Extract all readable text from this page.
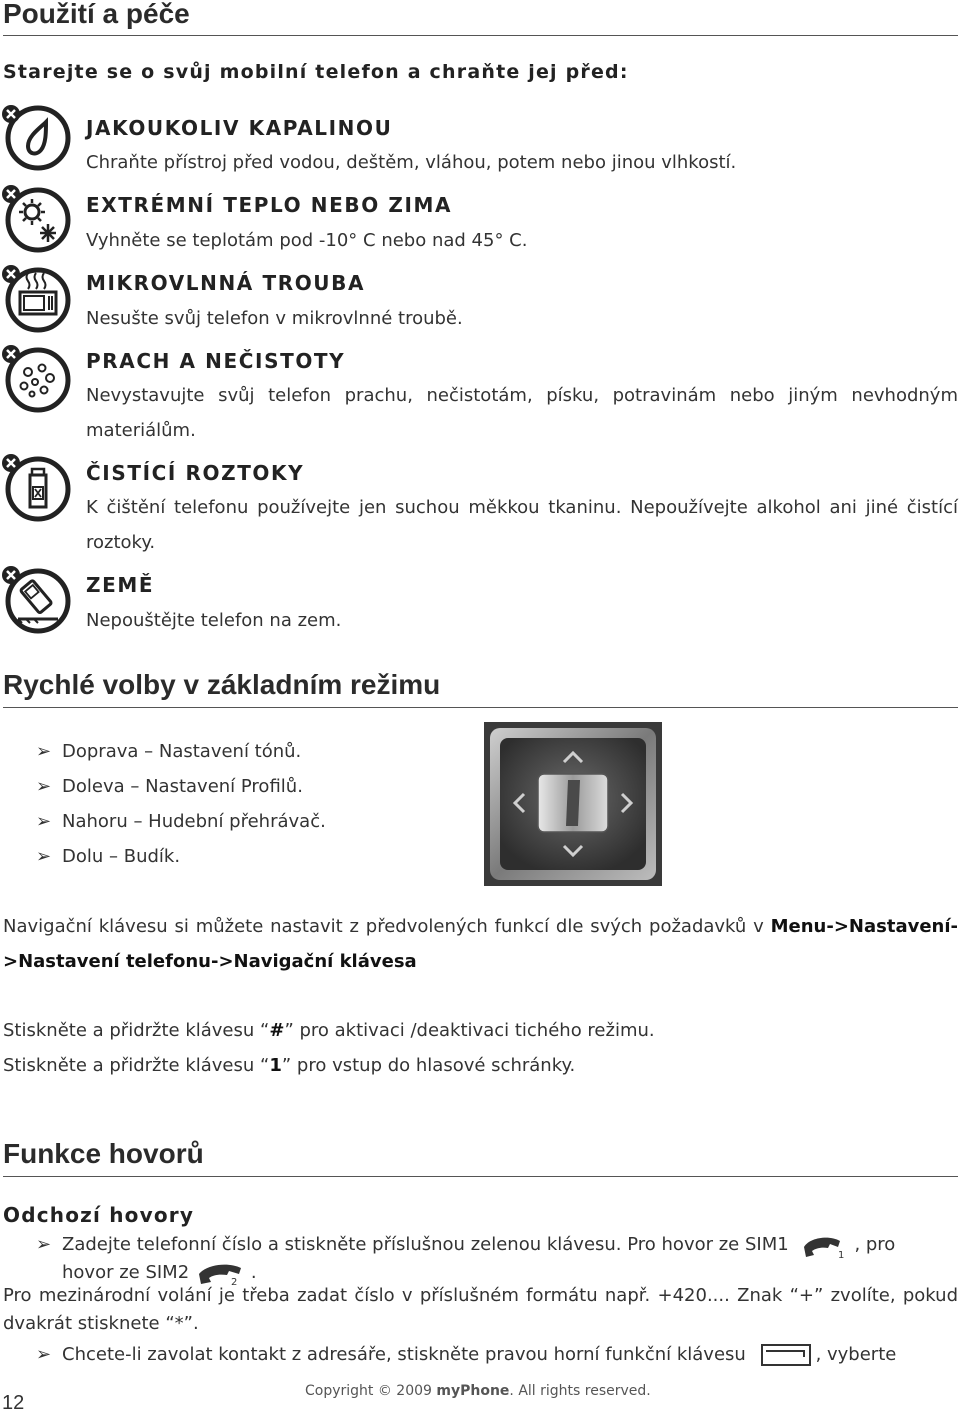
Použití a péče
Starejte se o svůj mobilní telefon a chraňte jej před:
JAKOUKOLIV KAPALINOU
Chraňte přístroj před vodou, deštěm, vláhou, potem nebo jinou vlhkostí.
EXTRÉMNÍ TEPLO NEBO ZIMA
Vyhněte se teplotám pod -10° C nebo nad 45° C.
MIKROVLNNÁ TROUBA
Nesušte svůj telefon v mikrovlnné troubě.
PRACH A NEČISTOTY
Nevystavujte svůj telefon prachu, nečistotám, písku, potravinám nebo jiným nevhodným materiálům.
ČISTÍCÍ ROZTOKY
K čištění telefonu používejte jen suchou měkkou tkaninu. Nepoužívejte alkohol ani jiné čistící roztoky.
ZEMĚ
Nepouštějte telefon na zem.
Rychlé volby v základním režimu
➢ Doprava – Nastavení tónů.
➢ Doleva – Nastavení Profilů.
➢ Nahoru – Hudební přehrávač.
➢ Dolu – Budík.
Navigační klávesu si můžete nastavit z předvolených funkcí dle svých požadavků v Menu->Nastavení->Nastavení telefonu->Navigační klávesa
Stiskněte a přidržte klávesu “#” pro aktivaci /deaktivaci tichého režimu.
Stiskněte a přidržte klávesu “1” pro vstup do hlasové schránky.
Funkce hovorů
Odchozí hovory
➢ Zadejte telefonní číslo a stiskněte příslušnou zelenou klávesu. Pro hovor ze SIM1
1
, pro
hovor ze SIM2	2 .
Pro mezinárodní volání je třeba zadat číslo v příslušném formátu např. +420.... Znak “+” zvolíte, pokud dvakrát stisknete “*”.
➢ Chcete-li zavolat kontakt z adresáře, stiskněte pravou horní funkční klávesu	, vyberte
12
Copyright © 2009 myPhone. All rights reserved.
